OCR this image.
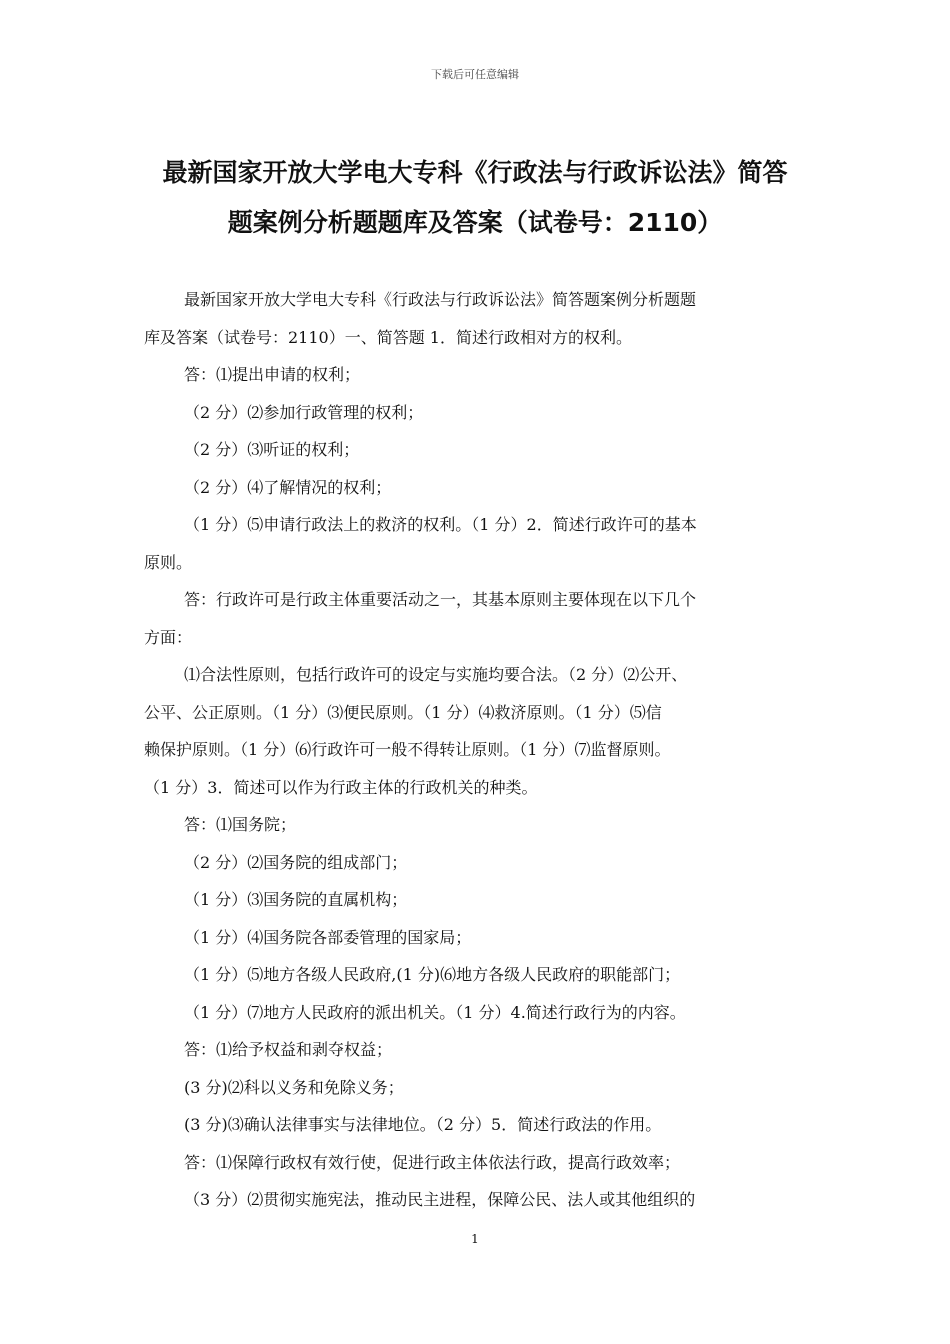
下载后可任意编辑
最新国家开放大学电大专科《行政法与行政诉讼法》简答
题案例分析题题库及答案（试卷号：2110）

最新国家开放大学电大专科《行政法与行政诉讼法》简答题案例分析题题

库及答案（试卷号：2110）一、简答题 1．简述行政相对方的权利。

答：⑴提出申请的权利；

（2 分）⑵参加行政管理的权利；

（2 分）⑶听证的权利；

（2 分）⑷了解情况的权利；

（1 分）⑸申请行政法上的救济的权利。（1 分）2．简述行政许可的基本

原则。

答：行政许可是行政主体重要活动之一，其基本原则主要体现在以下几个

方面：

⑴合法性原则，包括行政许可的设定与实施均要合法。（2 分）⑵公开、

公平、公正原则。（1 分）⑶便民原则。（1 分）⑷救济原则。（1 分）⑸信

赖保护原则。（1 分）⑹行政许可一般不得转让原则。（1 分）⑺监督原则。

（1 分）3．简述可以作为行政主体的行政机关的种类。

答：⑴国务院；

（2 分）⑵国务院的组成部门；

（1 分）⑶国务院的直属机构；

（1 分）⑷国务院各部委管理的国家局；

（1 分）⑸地方各级人民政府,(1 分)⑹地方各级人民政府的职能部门；

（1 分）⑺地方人民政府的派出机关。（1 分）4.简述行政行为的内容。

答：⑴给予权益和剥夺权益；

(3 分)⑵科以义务和免除义务；

(3 分)⑶确认法律事实与法律地位。（2 分）5．简述行政法的作用。

答：⑴保障行政权有效行使，促进行政主体依法行政，提高行政效率；

（3 分）⑵贯彻实施宪法，推动民主进程，保障公民、法人或其他组织的

1
